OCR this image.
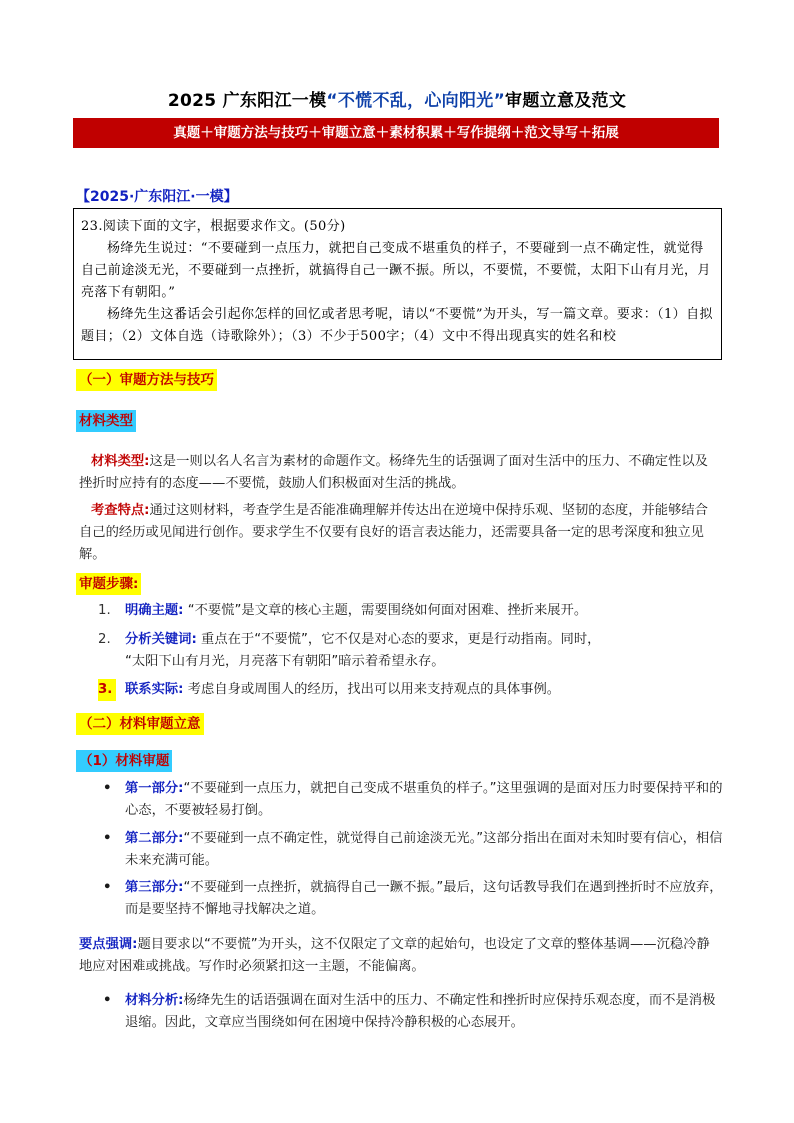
2025 广东阳江一模“不慌不乱，心向阳光”审题立意及范文
真题＋审题方法与技巧＋审题立意＋素材积累＋写作提纲＋范文导写＋拓展
【2025·广东阳江·一模】

23.阅读下面的文字，根据要求作文。(50分)

杨绛先生说过：“不要碰到一点压力，就把自己变成不堪重负的样子，不要碰到一点不确定性，就觉得自己前途淡无光，不要碰到一点挫折，就搞得自己一蹶不振。所以，不要慌，不要慌，太阳下山有月光，月亮落下有朝阳。”

杨绛先生这番话会引起你怎样的回忆或者思考呢，请以“不要慌”为开头，写一篇文章。要求：（1）自拟题目；（2）文体自选（诗歌除外）；（3）不少于500字；（4）文中不得出现真实的姓名和校

（一）审题方法与技巧
材料类型
材料类型:这是一则以名人名言为素材的命题作文。杨绛先生的话强调了面对生活中的压力、不确定性以及挫折时应持有的态度——不要慌，鼓励人们积极面对生活的挑战。
考查特点:通过这则材料，考查学生是否能准确理解并传达出在逆境中保持乐观、坚韧的态度，并能够结合自己的经历或见闻进行创作。要求学生不仅要有良好的语言表达能力，还需要具备一定的思考深度和独立见解。
审题步骤:
1. 明确主题: “不要慌”是文章的核心主题，需要围绕如何面对困难、挫折来展开。
2. 分析关键词: 重点在于“不要慌”，它不仅是对心态的要求，更是行动指南。同时，
“太阳下山有月光，月亮落下有朝阳”暗示着希望永存。
3. 联系实际: 考虑自身或周围人的经历，找出可以用来支持观点的具体事例。
（二）材料审题立意
（1）材料审题
•	第一部分:“不要碰到一点压力，就把自己变成不堪重负的样子。”这里强调的是面对压力时要保持平和的心态，不要被轻易打倒。
•	第二部分:“不要碰到一点不确定性，就觉得自己前途淡无光。”这部分指出在面对未知时要有信心，相信未来充满可能。
•	第三部分:“不要碰到一点挫折，就搞得自己一蹶不振。”最后，这句话教导我们在遇到挫折时不应放弃，而是要坚持不懈地寻找解决之道。
要点强调:题目要求以“不要慌”为开头，这不仅限定了文章的起始句，也设定了文章的整体基调——沉稳冷静地应对困难或挑战。写作时必须紧扣这一主题，不能偏离。
•	材料分析:杨绛先生的话语强调在面对生活中的压力、不确定性和挫折时应保持乐观态度，而不是消极退缩。因此，文章应当围绕如何在困境中保持冷静积极的心态展开。
